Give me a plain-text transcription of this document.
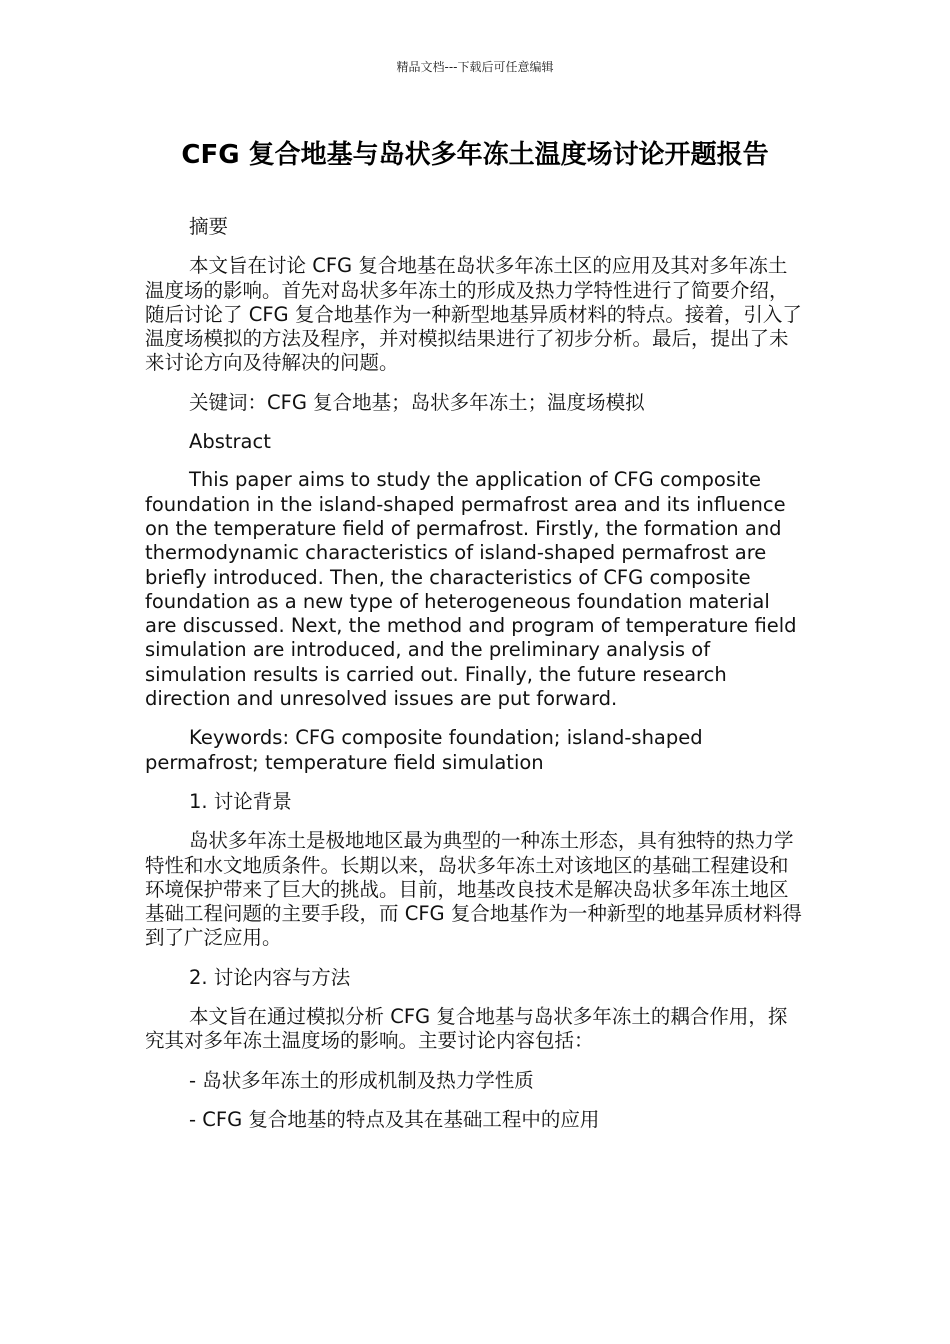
精品文档---下载后可任意编辑
CFG 复合地基与岛状多年冻土温度场讨论开题报告

摘要

本文旨在讨论 CFG 复合地基在岛状多年冻土区的应用及其对多年冻土温度场的影响。首先对岛状多年冻土的形成及热力学特性进行了简要介绍，随后讨论了 CFG 复合地基作为一种新型地基异质材料的特点。接着，引入了温度场模拟的方法及程序，并对模拟结果进行了初步分析。最后，提出了未来讨论方向及待解决的问题。

关键词：CFG 复合地基；岛状多年冻土；温度场模拟

Abstract

This paper aims to study the application of CFG composite foundation in the island-shaped permafrost area and its influence on the temperature field of permafrost. Firstly, the formation and thermodynamic characteristics of island-shaped permafrost are briefly introduced. Then, the characteristics of CFG composite foundation as a new type of heterogeneous foundation material are discussed. Next, the method and program of temperature field simulation are introduced, and the preliminary analysis of simulation results is carried out. Finally, the future research direction and unresolved issues are put forward.

Keywords: CFG composite foundation; island-shaped permafrost; temperature field simulation

1. 讨论背景

岛状多年冻土是极地地区最为典型的一种冻土形态，具有独特的热力学特性和水文地质条件。长期以来，岛状多年冻土对该地区的基础工程建设和环境保护带来了巨大的挑战。目前，地基改良技术是解决岛状多年冻土地区基础工程问题的主要手段，而 CFG 复合地基作为一种新型的地基异质材料得到了广泛应用。

2. 讨论内容与方法

本文旨在通过模拟分析 CFG 复合地基与岛状多年冻土的耦合作用，探究其对多年冻土温度场的影响。主要讨论内容包括：

- 岛状多年冻土的形成机制及热力学性质

- CFG 复合地基的特点及其在基础工程中的应用
